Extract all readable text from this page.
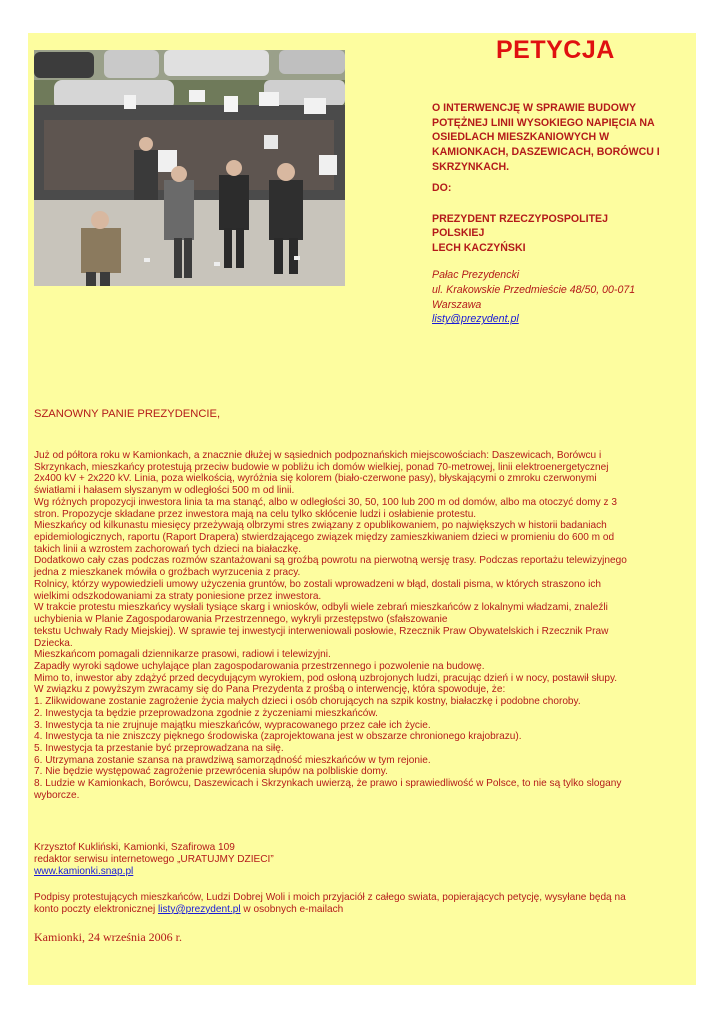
PETYCJA
O INTERWENCJĘ W SPRAWIE BUDOWY POTĘŻNEJ LINII WYSOKIEGO NAPIĘCIA NA OSIEDLACH MIESZKANIOWYCH W KAMIONKACH, DASZEWICACH, BORÓWCU I SKRZYNKACH.
DO:
PREZYDENT RZECZYPOSPOLITEJ
POLSKIEJ
LECH KACZYŃSKI
Pałac Prezydencki
ul. Krakowskie Przedmieście 48/50, 00-071
Warszawa
listy@prezydent.pl
SZANOWNY PANIE PREZYDENCIE,

Już od półtora roku w Kamionkach, a znacznie dłużej w sąsiednich podpoznańskich miejscowościach: Daszewicach, Borówcu i

Skrzynkach, mieszkańcy protestują przeciw budowie w pobliżu ich domów wielkiej, ponad 70-metrowej, linii elektroenergetycznej

2x400 kV + 2x220 kV. Linia, poza wielkością, wyróżnia się kolorem (biało-czerwone pasy), błyskającymi o zmroku czerwonymi

światłami i hałasem słyszanym w odległości 500 m od linii.

Wg różnych propozycji inwestora linia ta ma stanąć, albo w odległości 30, 50, 100 lub 200 m od domów, albo ma otoczyć domy z 3

stron. Propozycje składane przez inwestora mają na celu tylko skłócenie ludzi i osłabienie protestu.

Mieszkańcy od kilkunastu miesięcy przeżywają olbrzymi stres związany z opublikowaniem, po największych w historii badaniach

epidemiologicznych, raportu (Raport Drapera) stwierdzającego związek między zamieszkiwaniem dzieci w promieniu do 600 m od

takich linii a wzrostem zachorowań tych dzieci na białaczkę.

Dodatkowo cały czas podczas rozmów szantażowani są groźbą powrotu na pierwotną wersję trasy. Podczas reportażu telewizyjnego

jedna z mieszkanek mówiła o groźbach wyrzucenia z pracy.

Rolnicy, którzy wypowiedzieli umowy użyczenia gruntów, bo zostali wprowadzeni w błąd, dostali pisma, w których straszono ich

wielkimi odszkodowaniami za straty poniesione przez inwestora.

W trakcie protestu mieszkańcy wysłali tysiące skarg i wniosków, odbyli wiele zebrań mieszkańców z lokalnymi władzami, znaleźli

uchybienia w Planie Zagospodarowania Przestrzennego, wykryli przestępstwo (sfałszowanie

tekstu Uchwały Rady Miejskiej). W sprawie tej inwestycji interweniowali posłowie, Rzecznik Praw Obywatelskich i Rzecznik Praw

Dziecka.

Mieszkańcom pomagali dziennikarze prasowi, radiowi i telewizyjni.

Zapadły wyroki sądowe uchylające plan zagospodarowania przestrzennego i pozwolenie na budowę.

Mimo to, inwestor aby zdążyć przed decydującym wyrokiem, pod osłoną uzbrojonych ludzi, pracując dzień i w nocy, postawił słupy.

W związku z powyższym zwracamy się do Pana Prezydenta z prośbą o interwencję, która spowoduje, że:

1. Zlikwidowane zostanie zagrożenie życia małych dzieci i osób chorujących na szpik kostny, białaczkę i podobne choroby.

2. Inwestycja ta będzie przeprowadzona zgodnie z życzeniami mieszkańców.

3. Inwestycja ta nie zrujnuje majątku mieszkańców, wypracowanego przez całe ich życie.

4. Inwestycja ta nie zniszczy pięknego środowiska (zaprojektowana jest w obszarze chronionego krajobrazu).

5. Inwestycja ta przestanie być przeprowadzana na siłę.

6. Utrzymana zostanie szansa na prawdziwą samorządność mieszkańców w tym rejonie.

7. Nie będzie występować zagrożenie przewrócenia słupów na polbliskie domy.

8. Ludzie w Kamionkach, Borówcu, Daszewicach i Skrzynkach uwierzą, że prawo i sprawiedliwość w Polsce, to nie są tylko slogany

wyborcze.

Krzysztof Kukliński, Kamionki, Szafirowa 109
redaktor serwisu internetowego „URATUJMY DZIECI”
www.kamionki.snap.pl
Podpisy protestujących mieszkańców, Ludzi Dobrej Woli i moich przyjaciół z całego swiata, popierających petycję, wysyłane będą na
konto poczty elektronicznej listy@prezydent.pl w osobnych e-mailach
Kamionki, 24 września 2006 r.
